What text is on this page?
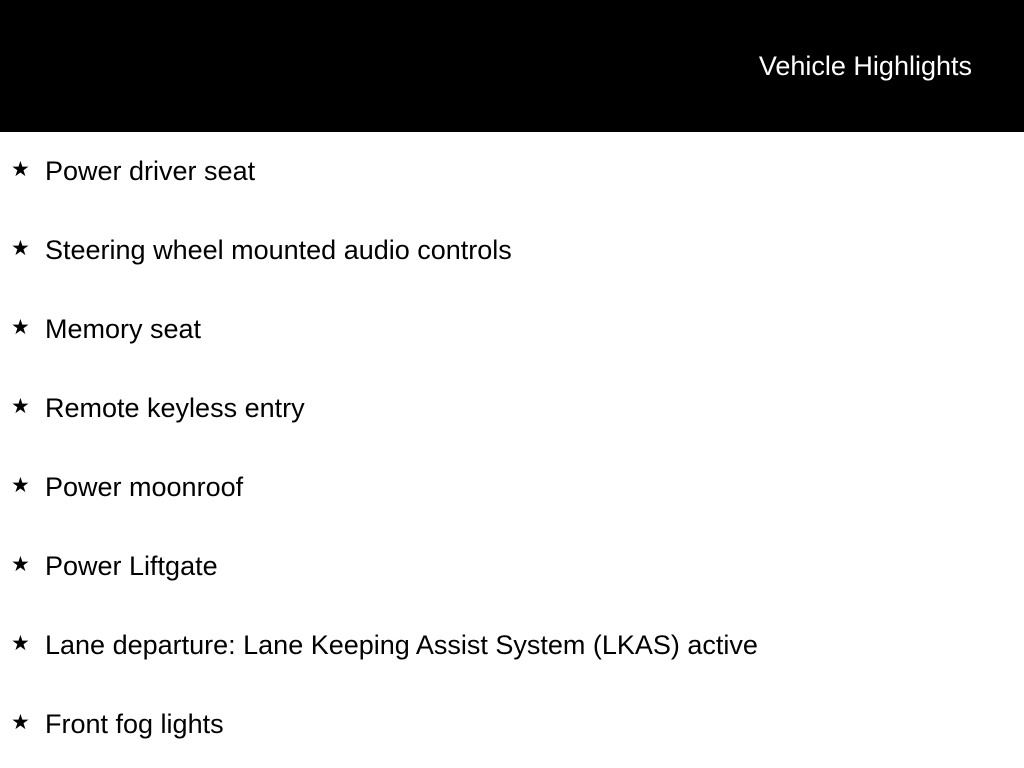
Vehicle Highlights
★ Power driver seat
★ Steering wheel mounted audio controls
★ Memory seat
★ Remote keyless entry
★ Power moonroof
★ Power Liftgate
★ Lane departure: Lane Keeping Assist System (LKAS) active
★ Front fog lights
